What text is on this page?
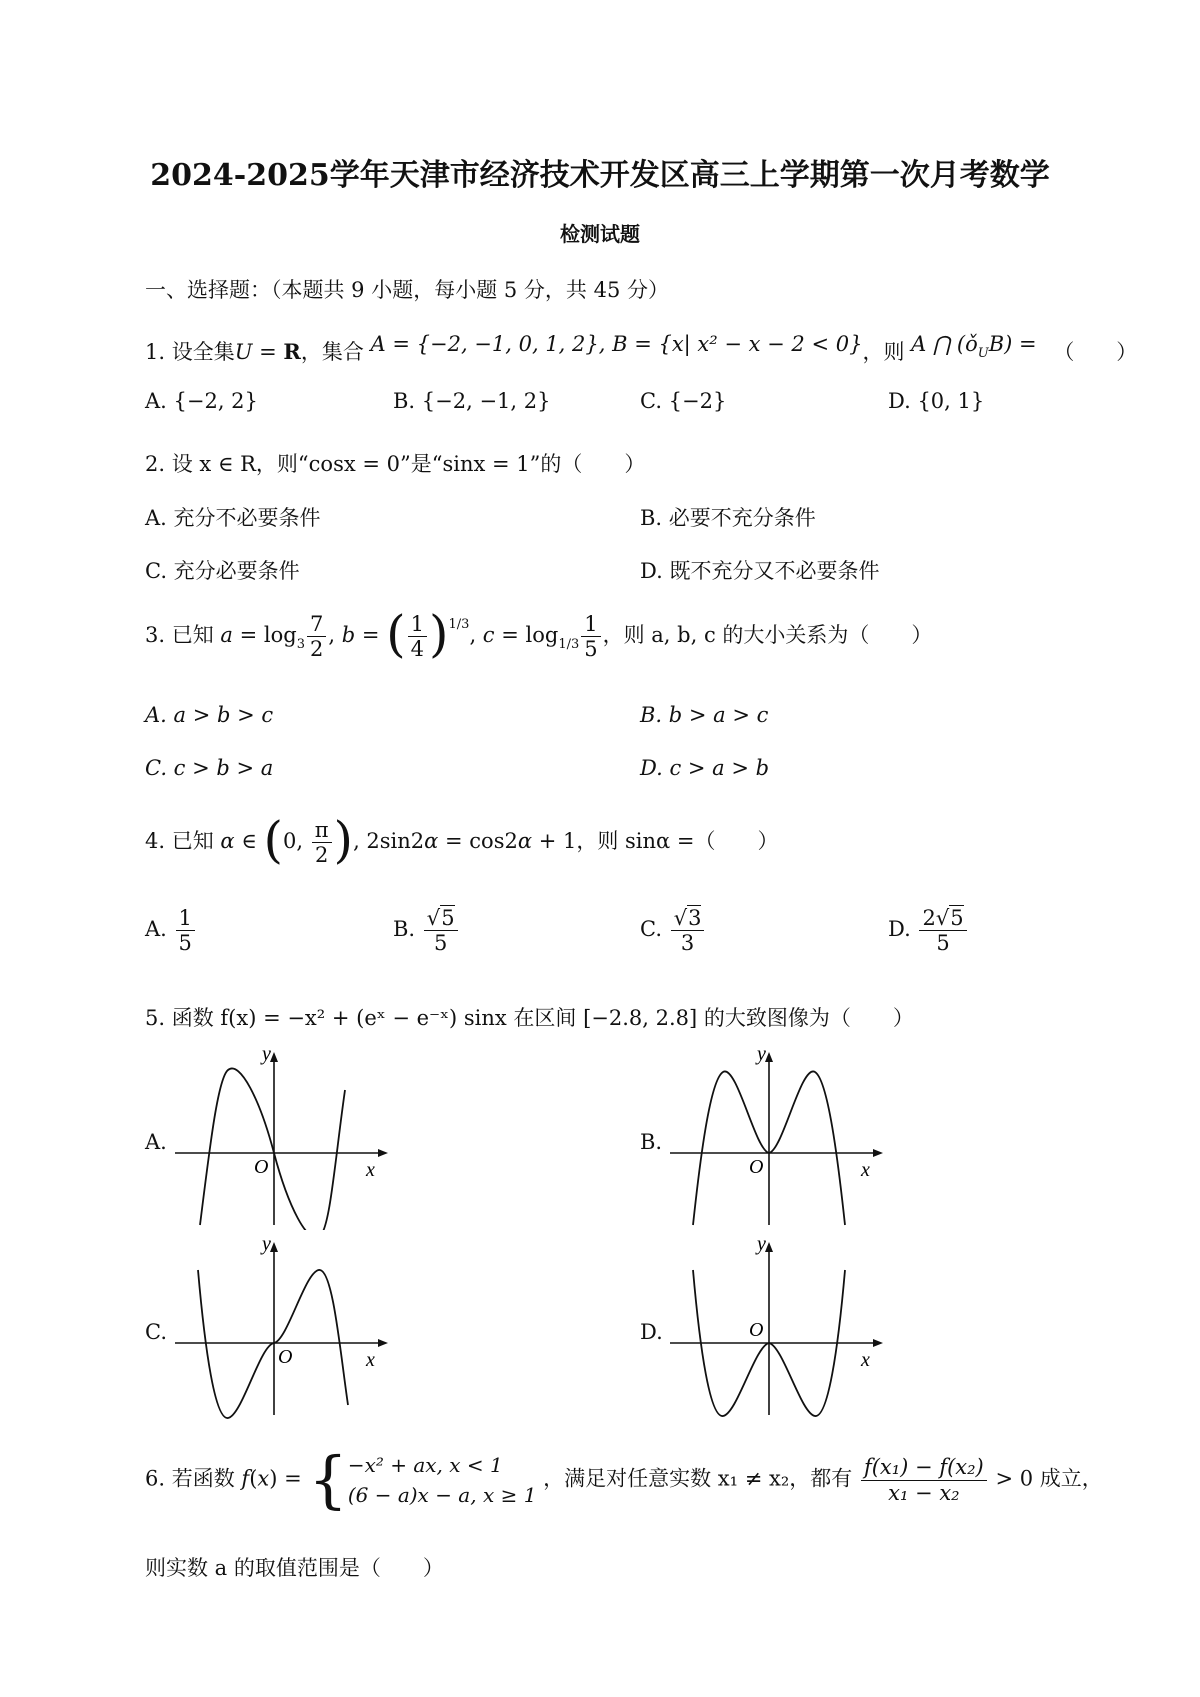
2024-2025学年天津市经济技术开发区高三上学期第一次月考数学
检测试题
一、选择题：（本题共 9 小题，每小题 5 分，共 45 分）
1. 设全集U = R，集合 A = {−2, −1, 0, 1, 2}, B = {x| x² − x − 2 < 0}，则 A ⋂ $(ǒ_UB)$ = （　　）
A. {−2, 2}	B. {−2, −1, 2}	C. {−2}	D. {0, 1}
2. 设 x ∈ R，则“cosx = 0”是“sinx = 1”的（　　）
A. 充分不必要条件	B. 必要不充分条件
C. 充分必要条件	D. 既不充分又不必要条件
3. 已知 $a = \log_3 \frac{7}{2}$ , b = ( $\frac{1}{4} )^{1/3}$, $c = \log_{1/3} \frac{1}{5}$ ，则 a, b, c 的大小关系为（　　）
A. a > b > c	B. b > a > c
C. c > b > a	D. c > a > b
4. 已知 α ∈ (0, $\frac{\pi}{2}$ ), 2sin2α = cos2α + 1，则 sinα =（　　）
A. $\frac{1}{5}$	B. $\frac{√5}{5}$	C. $\frac{√3}{3}$	D. $\frac{2√5}{5}$
5. 函数 f(x) = −x² + (eˣ − e⁻ˣ) sinx 在区间 [−2.8, 2.8] 的大致图像为（　　）
A.	B.
C.	D.
y
x
O
y
x
O
y
x
O
y
x
O
6. 若函数 f(x) = { −x² + ax, x < 1
(6 − a)x − a, x ≥ 1
，满足对任意实数 x₁ ≠ x₂，都有 $\frac{\text{f(x₁) − f(x₂)}}{\text{x₁ − x₂}} > 0$ 成立，
则实数 a 的取值范围是（　　）
